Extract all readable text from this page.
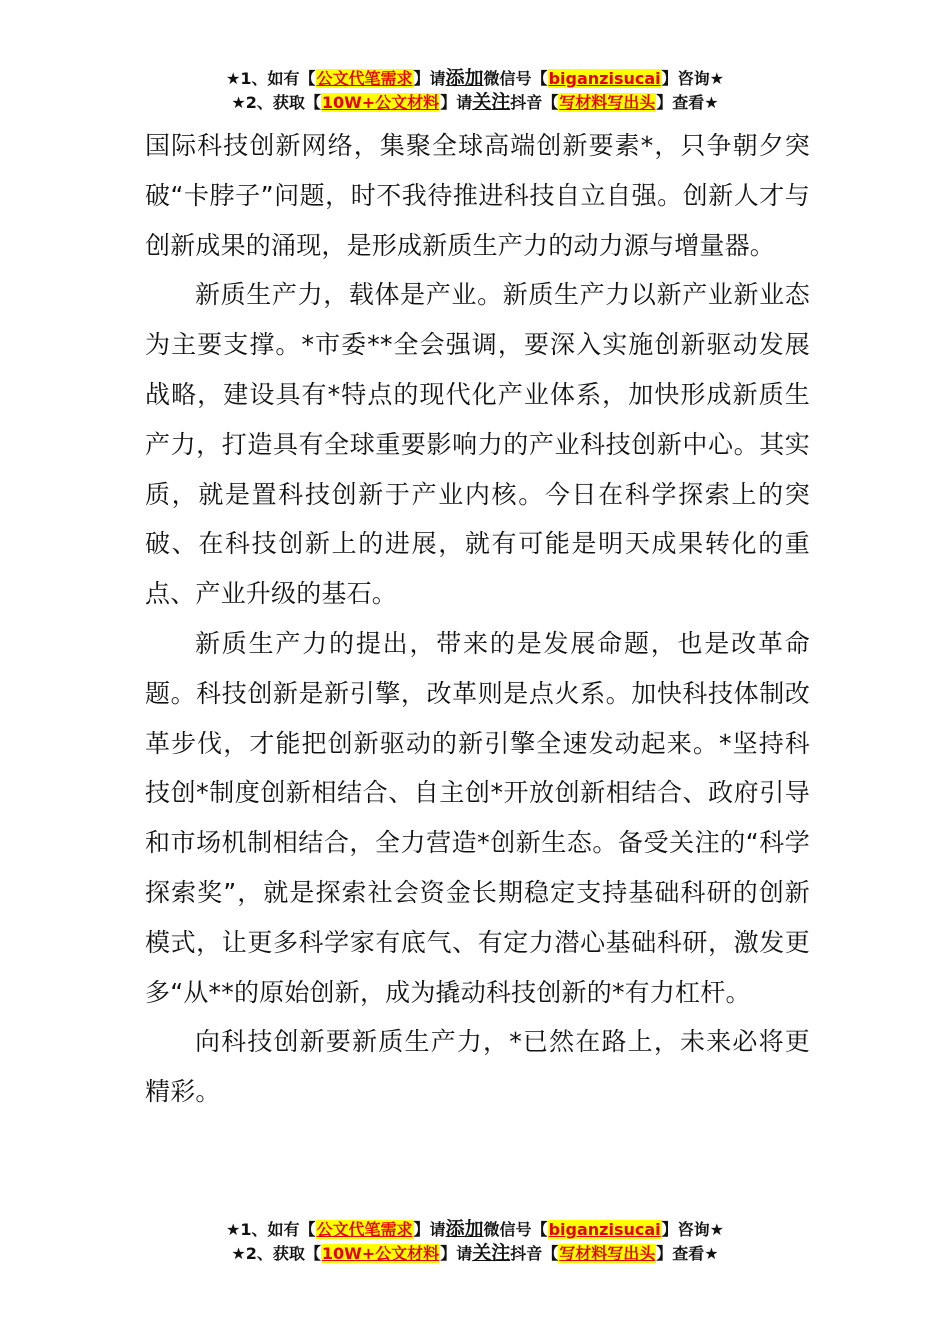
★1、如有【公文代笔需求】请添加微信号【biganzisucai】咨询★
★2、获取【10W+公文材料】请关注抖音【写材料写出头】查看★

国际科技创新网络，集聚全球高端创新要素*，只争朝夕突破“卡脖子”问题，时不我待推进科技自立自强。创新人才与创新成果的涌现，是形成新质生产力的动力源与增量器。

新质生产力，载体是产业。新质生产力以新产业新业态为主要支撑。*市委**全会强调，要深入实施创新驱动发展战略，建设具有*特点的现代化产业体系，加快形成新质生产力，打造具有全球重要影响力的产业科技创新中心。其实质，就是置科技创新于产业内核。今日在科学探索上的突破、在科技创新上的进展，就有可能是明天成果转化的重点、产业升级的基石。

新质生产力的提出，带来的是发展命题，也是改革命题。科技创新是新引擎，改革则是点火系。加快科技体制改革步伐，才能把创新驱动的新引擎全速发动起来。*坚持科技创*制度创新相结合、自主创*开放创新相结合、政府引导和市场机制相结合，全力营造*创新生态。备受关注的“科学探索奖”，就是探索社会资金长期稳定支持基础科研的创新模式，让更多科学家有底气、有定力潜心基础科研，激发更多“从**的原始创新，成为撬动科技创新的*有力杠杆。

向科技创新要新质生产力，*已然在路上，未来必将更精彩。

★1、如有【公文代笔需求】请添加微信号【biganzisucai】咨询★
★2、获取【10W+公文材料】请关注抖音【写材料写出头】查看★
